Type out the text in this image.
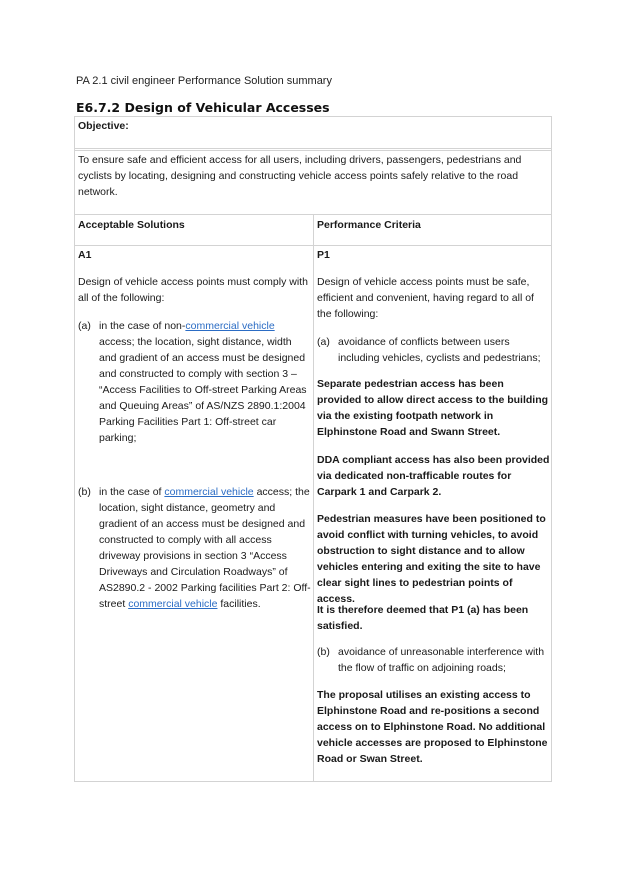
PA 2.1 civil engineer Performance Solution summary
E6.7.2 Design of Vehicular Accesses
Objective:
To ensure safe and efficient access for all users, including drivers, passengers, pedestrians and cyclists by locating, designing and constructing vehicle access points safely relative to the road network.
Acceptable Solutions	Performance Criteria
A1
Design of vehicle access points must comply with all of the following:
(a) in the case of non-commercial vehicle access; the location, sight distance, width and gradient of an access must be designed and constructed to comply with section 3 – “Access Facilities to Off-street Parking Areas and Queuing Areas” of AS/NZS 2890.1:2004 Parking Facilities Part 1: Off-street car parking;
(b) in the case of commercial vehicle access; the location, sight distance, geometry and gradient of an access must be designed and constructed to comply with all access driveway provisions in section 3 “Access Driveways and Circulation Roadways” of AS2890.2 - 2002 Parking facilities Part 2: Off-street commercial vehicle facilities.
P1
Design of vehicle access points must be safe, efficient and convenient, having regard to all of the following:
(a) avoidance of conflicts between users including vehicles, cyclists and pedestrians;
Separate pedestrian access has been provided to allow direct access to the building via the existing footpath network in Elphinstone Road and Swann Street.
DDA compliant access has also been provided via dedicated non-trafficable routes for Carpark 1 and Carpark 2.
Pedestrian measures have been positioned to avoid conflict with turning vehicles, to avoid obstruction to sight distance and to allow vehicles entering and exiting the site to have clear sight lines to pedestrian points of access.
It is therefore deemed that P1 (a) has been satisfied.
(b) avoidance of unreasonable interference with the flow of traffic on adjoining roads;
The proposal utilises an existing access to Elphinstone Road and re-positions a second access on to Elphinstone Road. No additional vehicle accesses are proposed to Elphinstone Road or Swan Street.
